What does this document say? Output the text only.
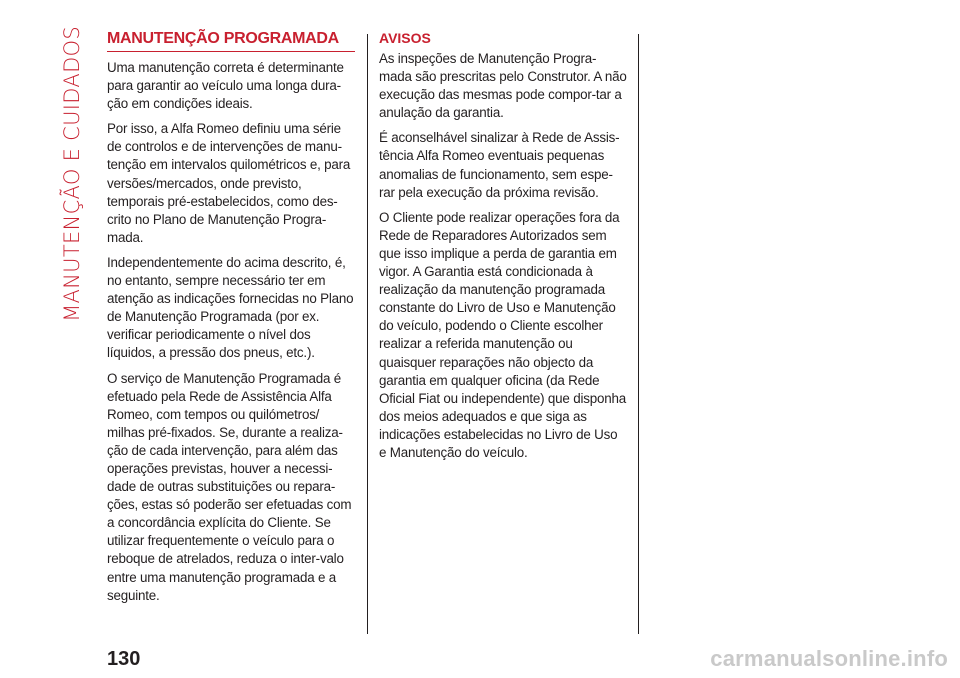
MANUTENÇÃO E CUIDADOS MANUTENÇÃO PROGRAMADA

Uma manutenção correta é determinante para garantir ao veículo uma longa dura-ção em condições ideais.

Por isso, a Alfa Romeo definiu uma série de controlos e de intervenções de manu-tenção em intervalos quilométricos e, para versões/mercados, onde previsto, temporais pré-estabelecidos, como des-crito no Plano de Manutenção Progra-mada.

Independentemente do acima descrito, é, no entanto, sempre necessário ter em atenção as indicações fornecidas no Plano de Manutenção Programada (por ex. verificar periodicamente o nível dos líquidos, a pressão dos pneus, etc.).

O serviço de Manutenção Programada é efetuado pela Rede de Assistência Alfa Romeo, com tempos ou quilómetros/ milhas pré-fixados. Se, durante a realiza-ção de cada intervenção, para além das operações previstas, houver a necessi-dade de outras substituições ou repara-ções, estas só poderão ser efetuadas com a concordância explícita do Cliente. Se utilizar frequentemente o veículo para o reboque de atrelados, reduza o inter-valo entre uma manutenção programada e a seguinte.

AVISOS

As inspeções de Manutenção Progra-mada são prescritas pelo Construtor. A não execução das mesmas pode compor-tar a anulação da garantia.

É aconselhável sinalizar à Rede de Assis-tência Alfa Romeo eventuais pequenas anomalias de funcionamento, sem espe-rar pela execução da próxima revisão.

O Cliente pode realizar operações fora da Rede de Reparadores Autorizados sem que isso implique a perda de garantia em vigor. A Garantia está condicionada à realização da manutenção programada constante do Livro de Uso e Manutenção do veículo, podendo o Cliente escolher realizar a referida manutenção ou quaisquer reparações não objecto da garantia em qualquer oficina (da Rede Oficial Fiat ou independente) que disponha dos meios adequados e que siga as indicações estabelecidas no Livro de Uso e Manutenção do veículo.

130	carmanualsonline.info
